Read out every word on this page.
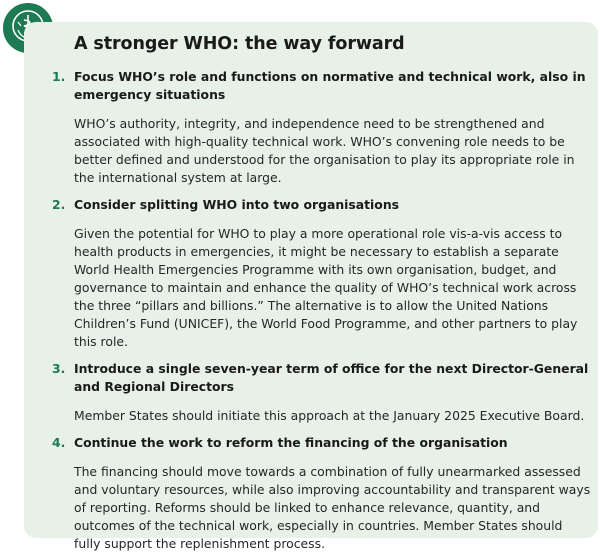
A stronger WHO: the way forward
1. Focus WHO’s role and functions on normative and technical work, also in emergency situations

WHO’s authority, integrity, and independence need to be strengthened and associated with high-quality technical work. WHO’s convening role needs to be better defined and understood for the organisation to play its appropriate role in the international system at large.

2. Consider splitting WHO into two organisations

Given the potential for WHO to play a more operational role vis-a-vis access to health products in emergencies, it might be necessary to establish a separate World Health Emergencies Programme with its own organisation, budget, and governance to maintain and enhance the quality of WHO’s technical work across the three “pillars and billions.” The alternative is to allow the United Nations Children’s Fund (UNICEF), the World Food Programme, and other partners to play this role.

3. Introduce a single seven-year term of office for the next Director-General and Regional Directors

Member States should initiate this approach at the January 2025 Executive Board.

4. Continue the work to reform the financing of the organisation

The financing should move towards a combination of fully unearmarked assessed and voluntary resources, while also improving accountability and transparent ways of reporting. Reforms should be linked to enhance relevance, quantity, and outcomes of the technical work, especially in countries. Member States should fully support the replenishment process.
